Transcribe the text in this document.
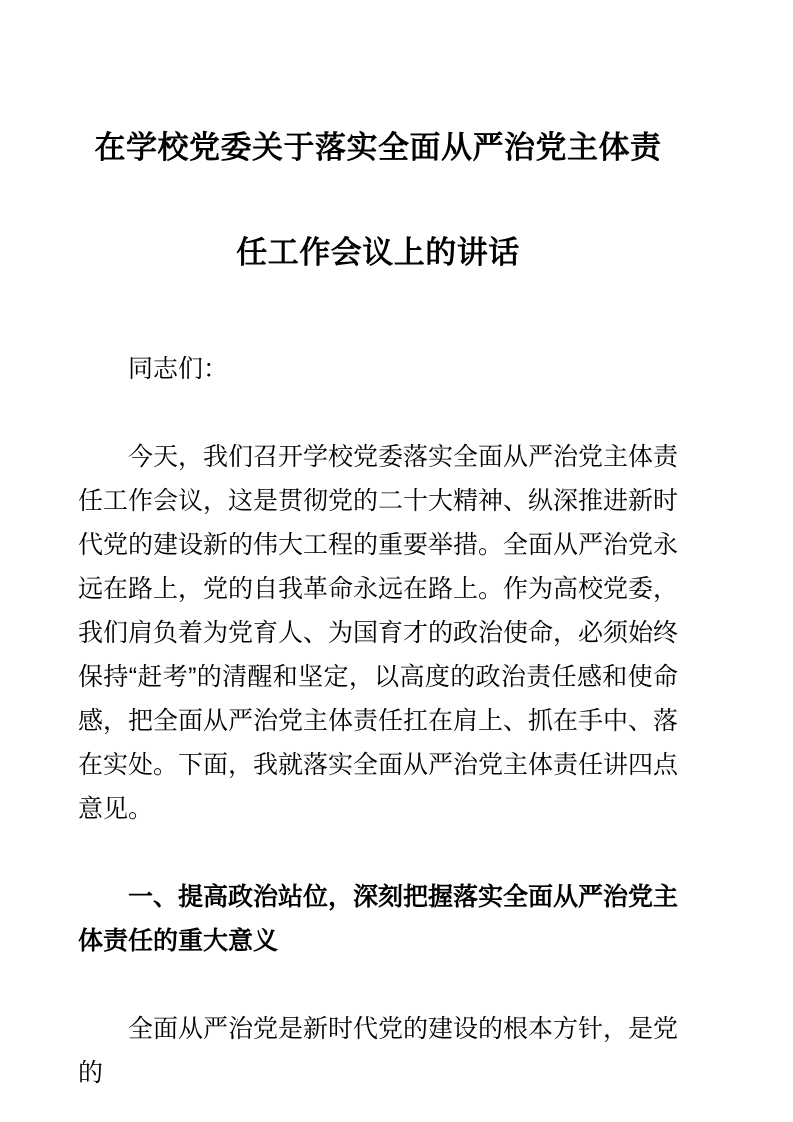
在学校党委关于落实全面从严治党主体责
任工作会议上的讲话

同志们：

今天，我们召开学校党委落实全面从严治党主体责任工作会议，这是贯彻党的二十大精神、纵深推进新时代党的建设新的伟大工程的重要举措。全面从严治党永远在路上，党的自我革命永远在路上。作为高校党委，我们肩负着为党育人、为国育才的政治使命，必须始终保持“赶考”的清醒和坚定，以高度的政治责任感和使命感，把全面从严治党主体责任扛在肩上、抓在手中、落在实处。下面，我就落实全面从严治党主体责任讲四点意见。

一、提高政治站位，深刻把握落实全面从严治党主体责任的重大意义

全面从严治党是新时代党的建设的根本方针，是党的
